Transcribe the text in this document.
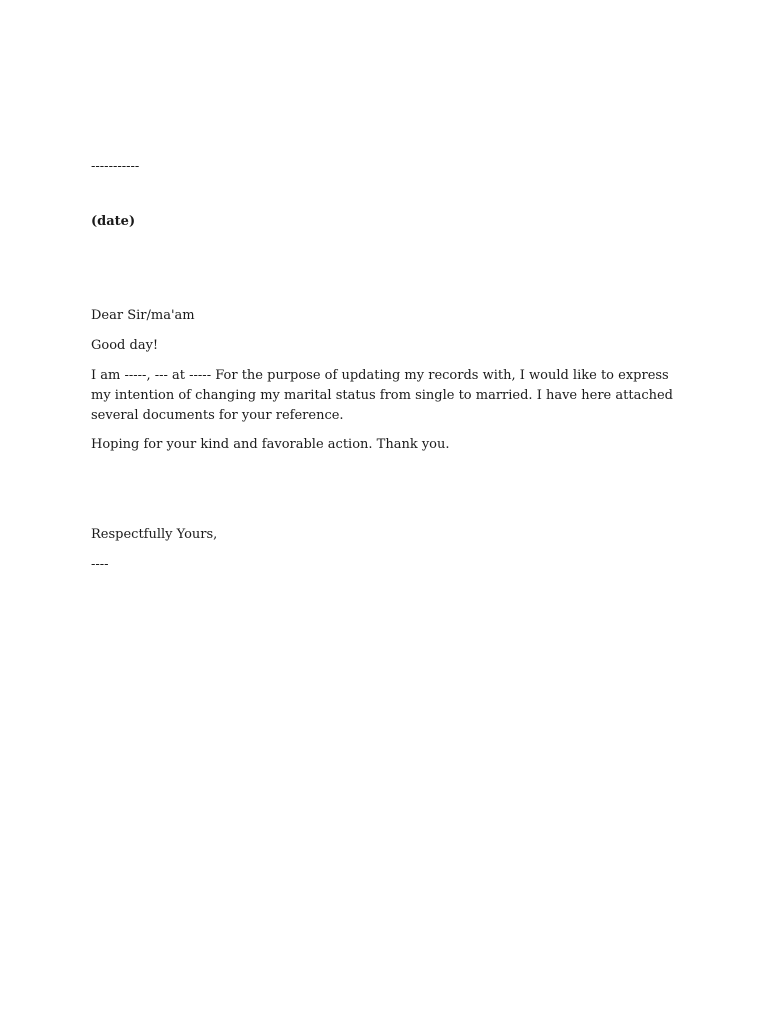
-----------

(date)

Dear Sir/ma'am

Good day!

I am -----, --- at ----- For the purpose of updating my records with, I would like to express my intention of changing my marital status from single to married. I have here attached several documents for your reference.

Hoping for your kind and favorable action. Thank you.

Respectfully Yours,

----
